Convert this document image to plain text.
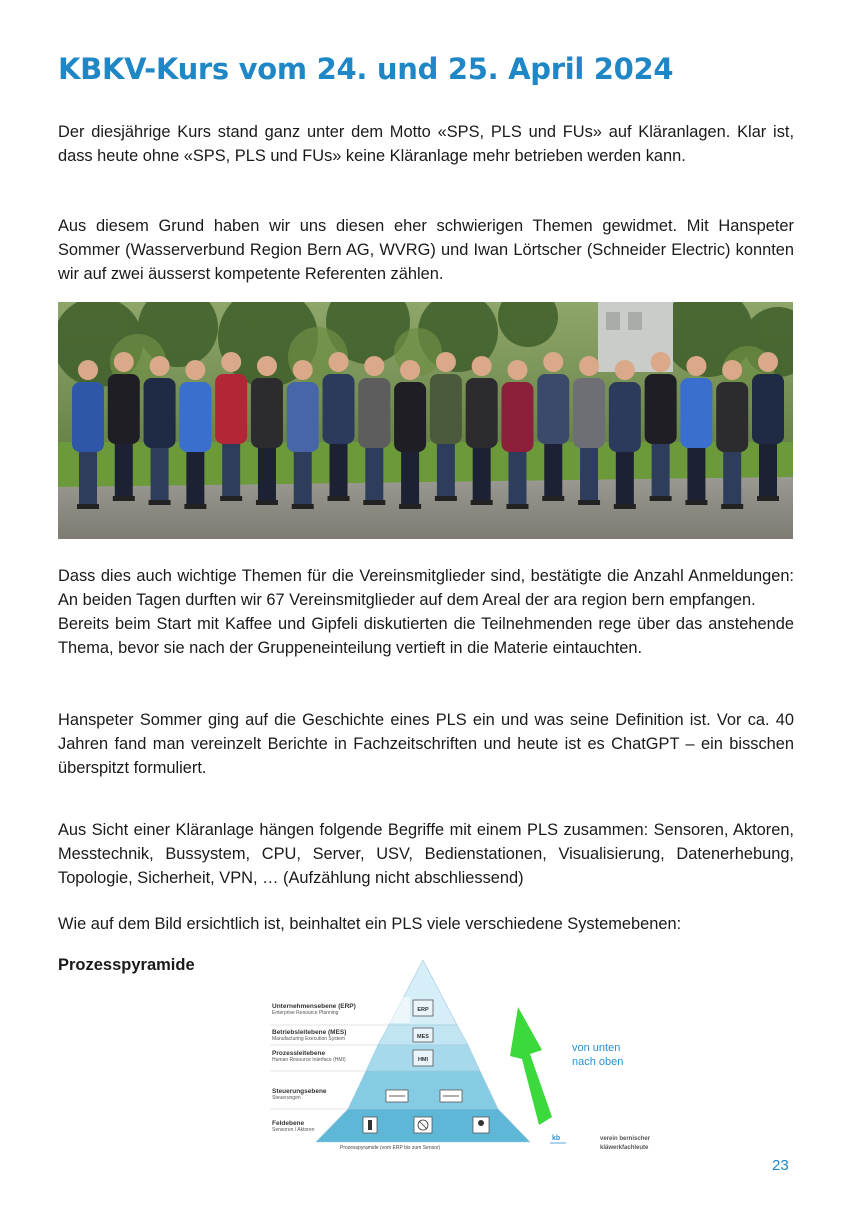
KBKV-Kurs vom 24. und 25. April 2024

Der diesjährige Kurs stand ganz unter dem Motto «SPS, PLS und FUs» auf Kläranlagen. Klar ist, dass heute ohne «SPS, PLS und FUs» keine Kläranlage mehr betrieben werden kann.

Aus diesem Grund haben wir uns diesen eher schwierigen Themen gewidmet. Mit Hanspeter Sommer (Wasserverbund Region Bern AG, WVRG) und Iwan Lörtscher (Schneider Electric) konnten wir auf zwei äusserst kompetente Referenten zählen.

Dass dies auch wichtige Themen für die Vereinsmitglieder sind, bestätigte die Anzahl Anmeldungen: An beiden Tagen durften wir 67 Vereinsmitglieder auf dem Areal der ara region bern empfangen.
Bereits beim Start mit Kaffee und Gipfeli diskutierten die Teilnehmenden rege über das anstehende Thema, bevor sie nach der Gruppeneinteilung vertieft in die Materie eintauchten.

Hanspeter Sommer ging auf die Geschichte eines PLS ein und was seine Definition ist. Vor ca. 40 Jahren fand man vereinzelt Berichte in Fachzeitschriften und heute ist es ChatGPT – ein bisschen überspitzt formuliert.

Aus Sicht einer Kläranlage hängen folgende Begriffe mit einem PLS zusammen: Sensoren, Aktoren, Messtechnik, Bussystem, CPU, Server, USV, Bedienstationen, Visualisierung, Datenerhebung, Topologie, Sicherheit, VPN, … (Aufzählung nicht abschliessend)

Wie auf dem Bild ersichtlich ist, beinhaltet ein PLS viele verschiedene Systemebenen:

Prozesspyramide
Unternehmensebene (ERP)
Enterprise Resource Planning
Betriebsleitebene (MES)
Manufacturing Execution System
Prozessleitebene
Human Resource Interface (HMI)
Steuerungsebene
Steuerungen
Feldebene
Sensoren / Aktoren
ERP
MES
HMI
von unten
nach oben
Prozesspyramide (vom ERP bis zum Sensor)
kb	verein bernischer
kläwerkfachleute

23
